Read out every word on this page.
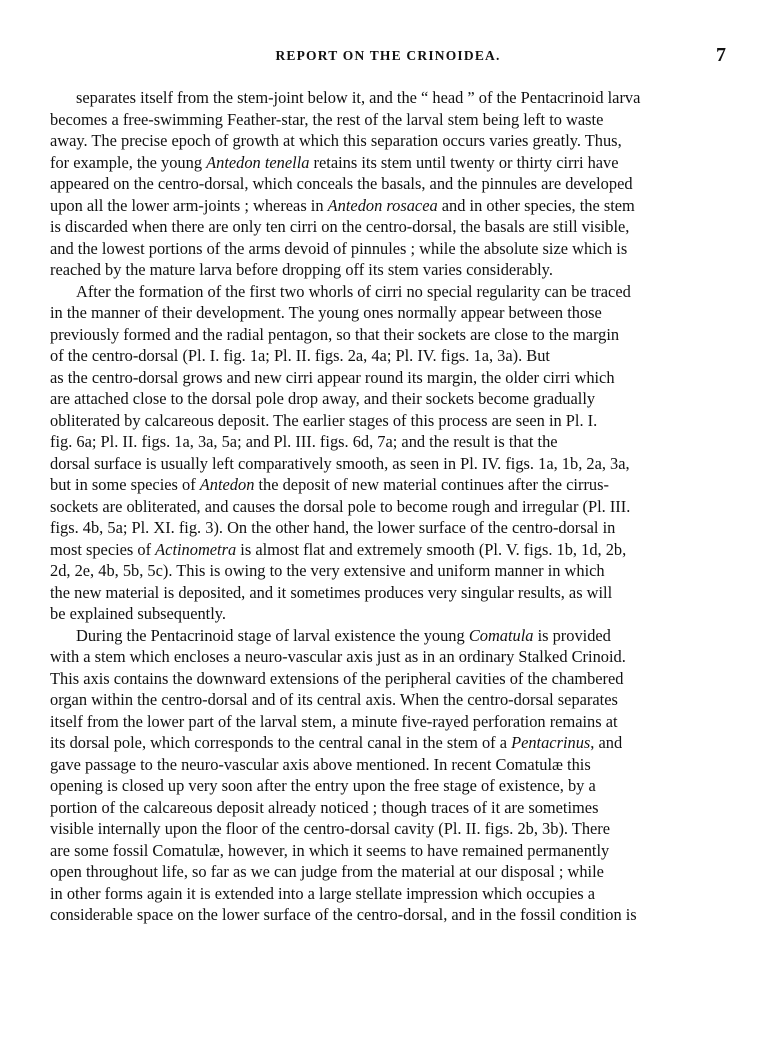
REPORT ON THE CRINOIDEA.	7
separates itself from the stem-joint below it, and the “ head ” of the Pentacrinoid larva
becomes a free-swimming Feather-star, the rest of the larval stem being left to waste
away. The precise epoch of growth at which this separation occurs varies greatly. Thus,
for example, the young Antedon tenella retains its stem until twenty or thirty cirri have
appeared on the centro-dorsal, which conceals the basals, and the pinnules are developed
upon all the lower arm-joints ; whereas in Antedon rosacea and in other species, the stem
is discarded when there are only ten cirri on the centro-dorsal, the basals are still visible,
and the lowest portions of the arms devoid of pinnules ; while the absolute size which is
reached by the mature larva before dropping off its stem varies considerably.
After the formation of the first two whorls of cirri no special regularity can be traced
in the manner of their development. The young ones normally appear between those
previously formed and the radial pentagon, so that their sockets are close to the margin
of the centro-dorsal (Pl. I. fig. 1a; Pl. II. figs. 2a, 4a; Pl. IV. figs. 1a, 3a). But
as the centro-dorsal grows and new cirri appear round its margin, the older cirri which
are attached close to the dorsal pole drop away, and their sockets become gradually
obliterated by calcareous deposit. The earlier stages of this process are seen in Pl. I.
fig. 6a; Pl. II. figs. 1a, 3a, 5a; and Pl. III. figs. 6d, 7a; and the result is that the
dorsal surface is usually left comparatively smooth, as seen in Pl. IV. figs. 1a, 1b, 2a, 3a,
but in some species of Antedon the deposit of new material continues after the cirrus-
sockets are obliterated, and causes the dorsal pole to become rough and irregular (Pl. III.
figs. 4b, 5a; Pl. XI. fig. 3). On the other hand, the lower surface of the centro-dorsal in
most species of Actinometra is almost flat and extremely smooth (Pl. V. figs. 1b, 1d, 2b,
2d, 2e, 4b, 5b, 5c). This is owing to the very extensive and uniform manner in which
the new material is deposited, and it sometimes produces very singular results, as will
be explained subsequently.
During the Pentacrinoid stage of larval existence the young Comatula is provided
with a stem which encloses a neuro-vascular axis just as in an ordinary Stalked Crinoid.
This axis contains the downward extensions of the peripheral cavities of the chambered
organ within the centro-dorsal and of its central axis. When the centro-dorsal separates
itself from the lower part of the larval stem, a minute five-rayed perforation remains at
its dorsal pole, which corresponds to the central canal in the stem of a Pentacrinus, and
gave passage to the neuro-vascular axis above mentioned. In recent Comatulæ this
opening is closed up very soon after the entry upon the free stage of existence, by a
portion of the calcareous deposit already noticed ; though traces of it are sometimes
visible internally upon the floor of the centro-dorsal cavity (Pl. II. figs. 2b, 3b). There
are some fossil Comatulæ, however, in which it seems to have remained permanently
open throughout life, so far as we can judge from the material at our disposal ; while
in other forms again it is extended into a large stellate impression which occupies a
considerable space on the lower surface of the centro-dorsal, and in the fossil condition is
